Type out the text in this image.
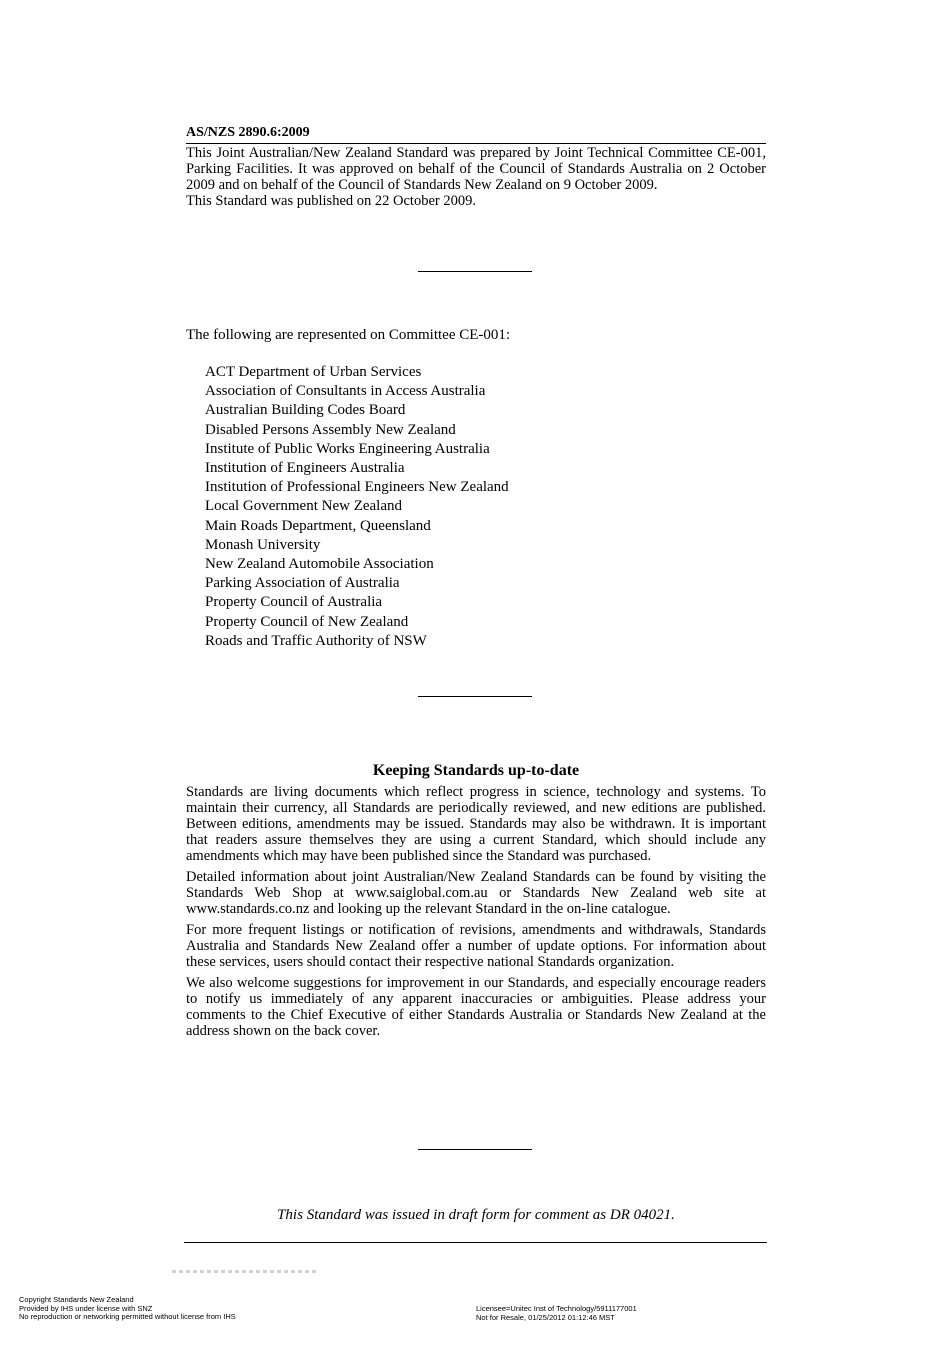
AS/NZS 2890.6:2009

This Joint Australian/New Zealand Standard was prepared by Joint Technical Committee CE-001, Parking Facilities. It was approved on behalf of the Council of Standards Australia on 2 October 2009 and on behalf of the Council of Standards New Zealand on 9 October 2009.

This Standard was published on 22 October 2009.

The following are represented on Committee CE-001:
ACT Department of Urban Services
Association of Consultants in Access Australia
Australian Building Codes Board
Disabled Persons Assembly New Zealand
Institute of Public Works Engineering Australia
Institution of Engineers Australia
Institution of Professional Engineers New Zealand
Local Government New Zealand
Main Roads Department, Queensland
Monash University
New Zealand Automobile Association
Parking Association of Australia
Property Council of Australia
Property Council of New Zealand
Roads and Traffic Authority of NSW
Keeping Standards up-to-date

Standards are living documents which reflect progress in science, technology and systems. To maintain their currency, all Standards are periodically reviewed, and new editions are published. Between editions, amendments may be issued. Standards may also be withdrawn. It is important that readers assure themselves they are using a current Standard, which should include any amendments which may have been published since the Standard was purchased.

Detailed information about joint Australian/New Zealand Standards can be found by visiting the Standards Web Shop at www.saiglobal.com.au or Standards New Zealand web site at www.standards.co.nz and looking up the relevant Standard in the on-line catalogue.

For more frequent listings or notification of revisions, amendments and withdrawals, Standards Australia and Standards New Zealand offer a number of update options. For information about these services, users should contact their respective national Standards organization.

We also welcome suggestions for improvement in our Standards, and especially encourage readers to notify us immediately of any apparent inaccuracies or ambiguities. Please address your comments to the Chief Executive of either Standards Australia or Standards New Zealand at the address shown on the back cover.

This Standard was issued in draft form for comment as DR 04021.
Copyright Standards New Zealand
Provided by IHS under license with SNZ
No reproduction or networking permitted without license from IHS
Licensee=Unitec Inst of Technology/5911177001
Not for Resale, 01/25/2012 01:12:46 MST
